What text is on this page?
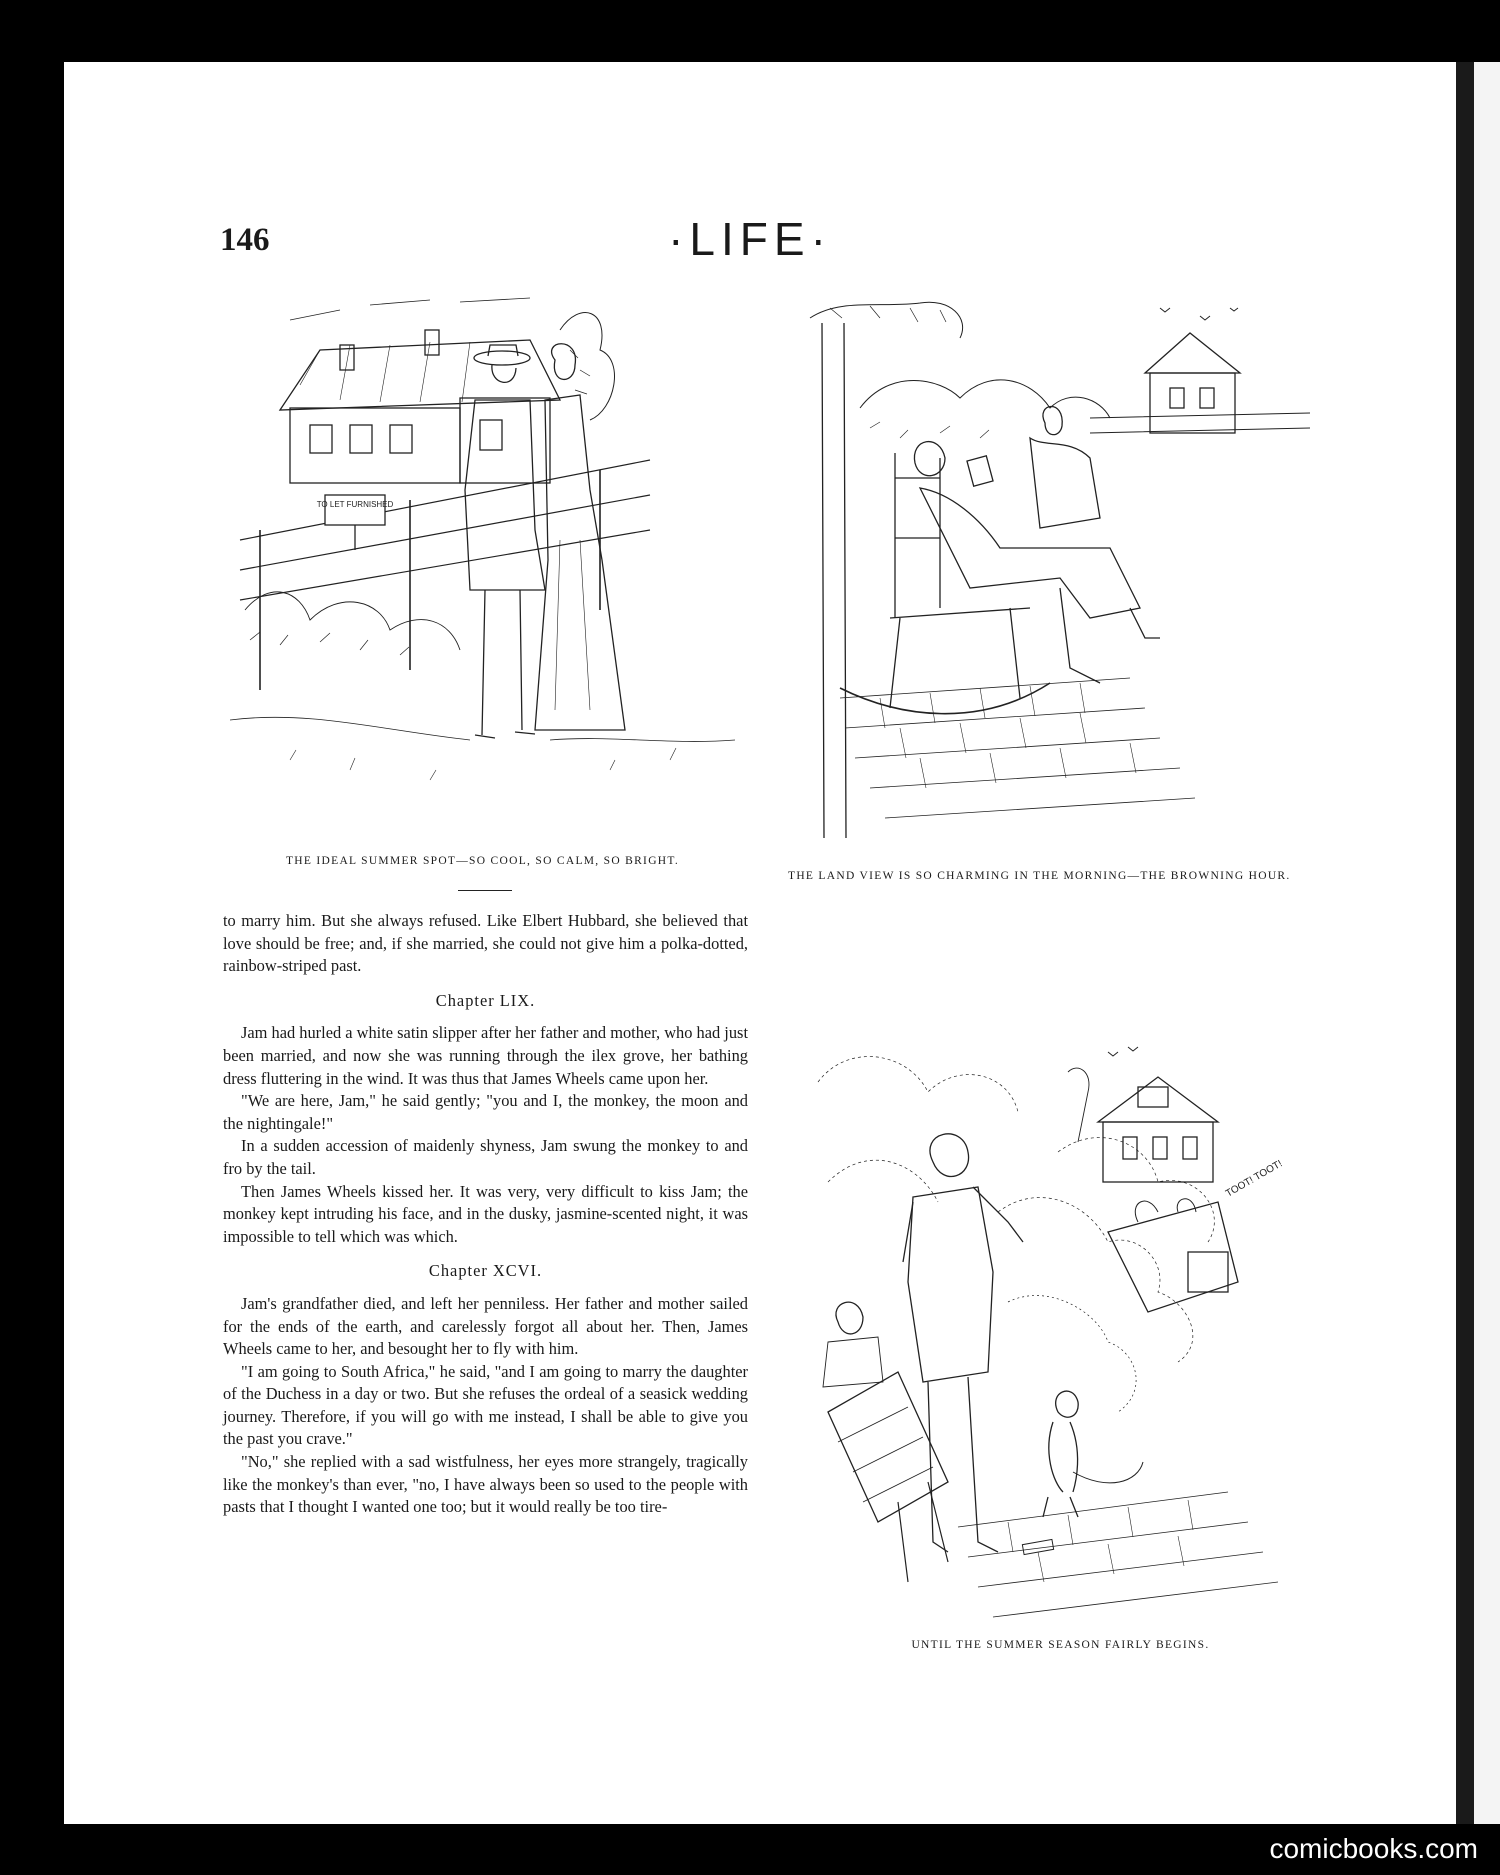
146	·LIFE·
TO LET FURNISHED
THE IDEAL SUMMER SPOT—SO COOL, SO CALM, SO BRIGHT.
THE LAND VIEW IS SO CHARMING IN THE MORNING—THE BROWNING HOUR.
TOOT! TOOT!
UNTIL THE SUMMER SEASON FAIRLY BEGINS.

to marry him. But she always refused. Like Elbert Hubbard, she believed that love should be free; and, if she married, she could not give him a polka-dotted, rainbow-striped past.

Chapter LIX.

Jam had hurled a white satin slipper after her father and mother, who had just been married, and now she was running through the ilex grove, her bathing dress fluttering in the wind. It was thus that James Wheels came upon her.

"We are here, Jam," he said gently; "you and I, the monkey, the moon and the nightingale!"

In a sudden accession of maidenly shyness, Jam swung the monkey to and fro by the tail.

Then James Wheels kissed her. It was very, very difficult to kiss Jam; the monkey kept intruding his face, and in the dusky, jasmine-scented night, it was impossible to tell which was which.

Chapter XCVI.

Jam's grandfather died, and left her penniless. Her father and mother sailed for the ends of the earth, and carelessly forgot all about her. Then, James Wheels came to her, and besought her to fly with him.

"I am going to South Africa," he said, "and I am going to marry the daughter of the Duchess in a day or two. But she refuses the ordeal of a seasick wedding journey. Therefore, if you will go with me instead, I shall be able to give you the past you crave."

"No," she replied with a sad wistfulness, her eyes more strangely, tragically like the monkey's than ever, "no, I have always been so used to the people with pasts that I thought I wanted one too; but it would really be too tire-

comicbooks.com
